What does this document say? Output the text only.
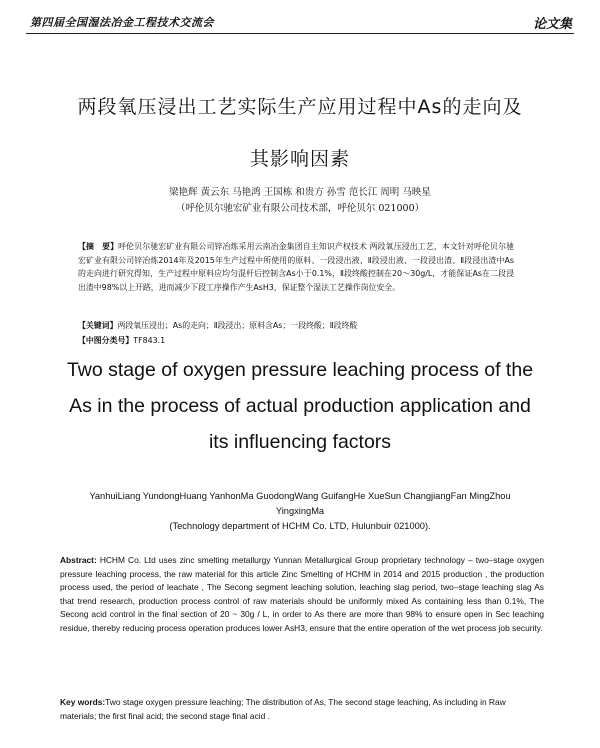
第四届全国湿法冶金工程技术交流会	论文集
两段氧压浸出工艺实际生产应用过程中As的走向及
其影响因素
梁艳辉 黄云东 马艳鸿 王国栋 和贵方 孙雪 范长江 周明 马映星
（呼伦贝尔驰宏矿业有限公司技术部，呼伦贝尔 021000）
【摘　要】呼伦贝尔驰宏矿业有限公司锌冶炼采用云南冶金集团自主知识产权技术 两段氧压浸出工艺，本文针对呼伦贝尔驰宏矿业有限公司锌冶炼2014年及2015年生产过程中所使用的原料、一段浸出液、Ⅱ段浸出液、一段浸出渣、Ⅱ段浸出渣中As的走向进行研究得知，生产过程中原料应均匀混杆后控制含As小于0.1%，Ⅱ段终酸控制在20～30g/L，才能保证As在二段浸出渣中98%以上开路，进而减少下段工序操作产生AsH3，保证整个湿法工艺操作岗位安全。
【关键词】两段氧压浸出；As的走向；Ⅱ段浸出；原料含As；一段终酸；Ⅱ段终酸
【中图分类号】TF843.1
Two stage of oxygen pressure leaching process of the
As in the process of actual production application and
its influencing factors
YanhuiLiang YundongHuang YanhonMa GuodongWang GuifangHe XueSun ChangjiangFan MingZhou
YingxingMa
(Technology department of HCHM Co. LTD, Hulunbuir 021000).
Abstract: HCHM Co. Ltd uses zinc smelting metallurgy Yunnan Metallurgical Group proprietary technology – two–stage oxygen pressure leaching process, the raw material for this article Zinc Smelting of HCHM in 2014 and 2015 production , the production process used, the period of leachate , The Secong segment leaching solution, leaching slag period, two–stage leaching slag As that trend research, production process control of raw materials should be uniformly mixed As containing less than 0.1%, The Secong acid control in the final section of 20 ~ 30g / L, in order to As there are more than 98% to ensure open in Sec leaching residue, thereby reducing process operation produces lower AsH3, ensure that the entire operation of the wet process job security.
Key words:Two stage oxygen pressure leaching; The distribution of As, The second stage leaching, As including in Raw materials; the first final acid; the second stage final acid .
